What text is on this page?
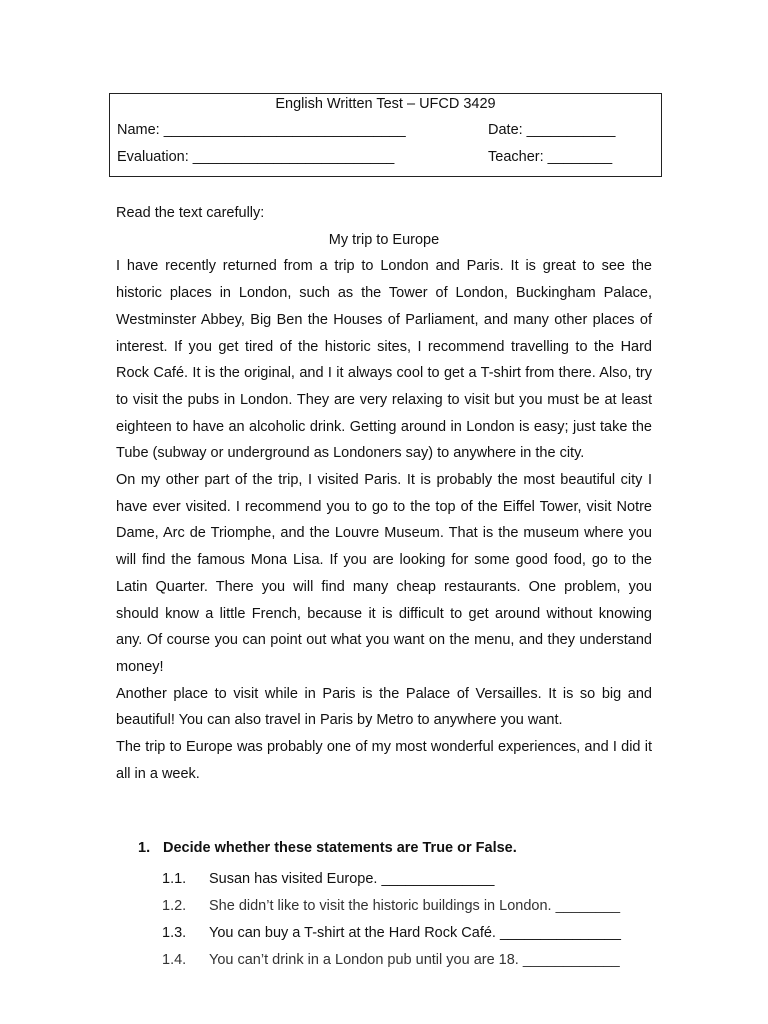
English Written Test – UFCD 3429
Name: ______________________________	Date: ___________
Evaluation: _________________________	Teacher: ________

Read the text carefully:

My trip to Europe

I have recently returned from a trip to London and Paris. It is great to see the historic places in London, such as the Tower of London, Buckingham Palace, Westminster Abbey, Big Ben the Houses of Parliament, and many other places of interest. If you get tired of the historic sites, I recommend travelling to the Hard Rock Café. It is the original, and I it always cool to get a T-shirt from there. Also, try to visit the pubs in London. They are very relaxing to visit but you must be at least eighteen to have an alcoholic drink. Getting around in London is easy; just take the Tube (subway or underground as Londoners say) to anywhere in the city.

On my other part of the trip, I visited Paris. It is probably the most beautiful city I have ever visited. I recommend you to go to the top of the Eiffel Tower, visit Notre Dame, Arc de Triomphe, and the Louvre Museum. That is the museum where you will find the famous Mona Lisa. If you are looking for some good food, go to the Latin Quarter. There you will find many cheap restaurants. One problem, you should know a little French, because it is difficult to get around without knowing any. Of course you can point out what you want on the menu, and they understand money!

Another place to visit while in Paris is the Palace of Versailles. It is so big and beautiful! You can also travel in Paris by Metro to anywhere you want.

The trip to Europe was probably one of my most wonderful experiences, and I did it all in a week.

1. Decide whether these statements are True or False.
1.1. Susan has visited Europe. ______________
1.2. She didn’t like to visit the historic buildings in London. ________
1.3. You can buy a T-shirt at the Hard Rock Café. _______________
1.4. You can’t drink in a London pub until you are 18. ____________
